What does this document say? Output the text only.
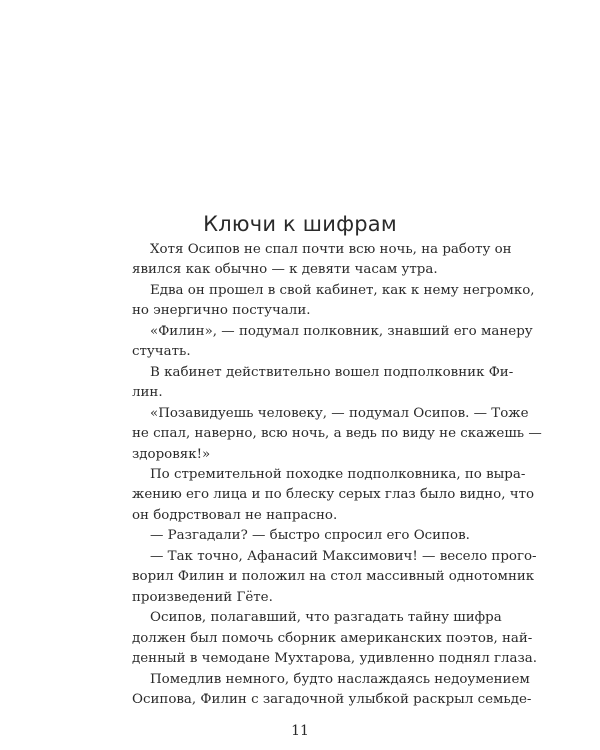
Ключи к шифрам
Хотя Осипов не спал почти всю ночь, на работу он
явился как обычно — к девяти часам утра.
Едва он прошел в свой кабинет, как к нему негромко,
но энергично постучали.
«Филин», — подумал полковник, знавший его манеру
стучать.
В кабинет действительно вошел подполковник Фи-
лин.
«Позавидуешь человеку, — подумал Осипов. — Тоже
не спал, наверно, всю ночь, а ведь по виду не скажешь —
здоровяк!»
По стремительной походке подполковника, по выра-
жению его лица и по блеску серых глаз было видно, что
он бодрствовал не напрасно.
— Разгадали? — быстро спросил его Осипов.
— Так точно, Афанасий Максимович! — весело прого-
ворил Филин и положил на стол массивный однотомник
произведений Гёте.
Осипов, полагавший, что разгадать тайну шифра
должен был помочь сборник американских поэтов, най-
денный в чемодане Мухтарова, удивленно поднял глаза.
Помедлив немного, будто наслаждаясь недоумением
Осипова, Филин с загадочной улыбкой раскрыл семьде-
11
